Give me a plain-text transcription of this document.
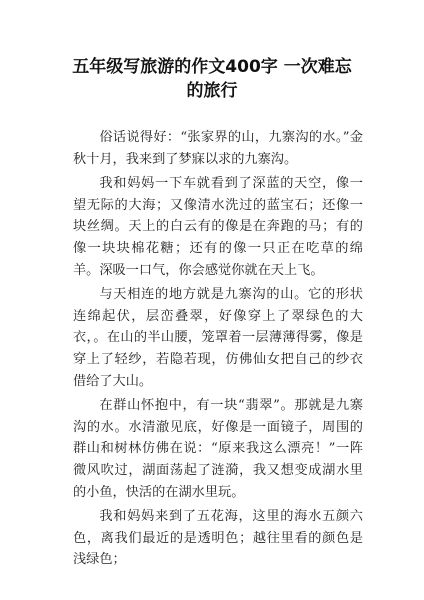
五年级写旅游的作文400字 一次难忘
的旅行

俗话说得好：“张家界的山，九寨沟的水。”金秋十月，我来到了梦寐以求的九寨沟。

我和妈妈一下车就看到了深蓝的天空，像一望无际的大海；又像清水洗过的蓝宝石；还像一块丝绸。天上的白云有的像是在奔跑的马；有的像一块块棉花糖；还有的像一只正在吃草的绵羊。深吸一口气，你会感觉你就在天上飞。

与天相连的地方就是九寨沟的山。它的形状连绵起伏，层峦叠翠，好像穿上了翠绿色的大衣，。在山的半山腰，笼罩着一层薄薄得雾，像是穿上了轻纱，若隐若现，仿佛仙女把自己的纱衣借给了大山。

在群山怀抱中，有一块“翡翠”。那就是九寨沟的水。水清澈见底，好像是一面镜子，周围的群山和树林仿佛在说：“原来我这么漂亮！”一阵微风吹过，湖面荡起了涟漪，我又想变成湖水里的小鱼，快活的在湖水里玩。

我和妈妈来到了五花海，这里的海水五颜六色，离我们最近的是透明色；越往里看的颜色是浅绿色；
